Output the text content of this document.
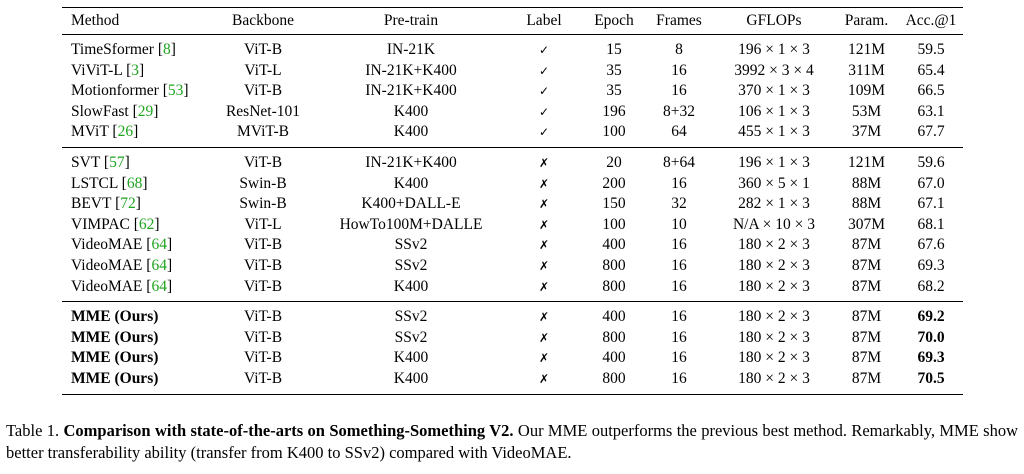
Method	Backbone	Pre-train	Label	Epoch	Frames	GFLOPs	Param.	Acc.@1
TimeSformer [8]	ViT-B	IN-21K	✓	15	8	196 × 1 × 3	121M	59.5
ViViT-L [3]	ViT-L	IN-21K+K400	✓	35	16	3992 × 3 × 4	311M	65.4
Motionformer [53]	ViT-B	IN-21K+K400	✓	35	16	370 × 1 × 3	109M	66.5
SlowFast [29]	ResNet-101	K400	✓	196	8+32	106 × 1 × 3	53M	63.1
MViT [26]	MViT-B	K400	✓	100	64	455 × 1 × 3	37M	67.7
SVT [57]	ViT-B	IN-21K+K400	✗	20	8+64	196 × 1 × 3	121M	59.6
LSTCL [68]	Swin-B	K400	✗	200	16	360 × 5 × 1	88M	67.0
BEVT [72]	Swin-B	K400+DALL-E	✗	150	32	282 × 1 × 3	88M	67.1
VIMPAC [62]	ViT-L	HowTo100M+DALLE	✗	100	10	N/A × 10 × 3	307M	68.1
VideoMAE [64]	ViT-B	SSv2	✗	400	16	180 × 2 × 3	87M	67.6
VideoMAE [64]	ViT-B	SSv2	✗	800	16	180 × 2 × 3	87M	69.3
VideoMAE [64]	ViT-B	K400	✗	800	16	180 × 2 × 3	87M	68.2
MME (Ours)	ViT-B	SSv2	✗	400	16	180 × 2 × 3	87M	69.2
MME (Ours)	ViT-B	SSv2	✗	800	16	180 × 2 × 3	87M	70.0
MME (Ours)	ViT-B	K400	✗	400	16	180 × 2 × 3	87M	69.3
MME (Ours)	ViT-B	K400	✗	800	16	180 × 2 × 3	87M	70.5
Table 1. Comparison with state-of-the-arts on Something-Something V2. Our MME outperforms the previous best method. Remarkably, MME show better transferability ability (transfer from K400 to SSv2) compared with VideoMAE.
